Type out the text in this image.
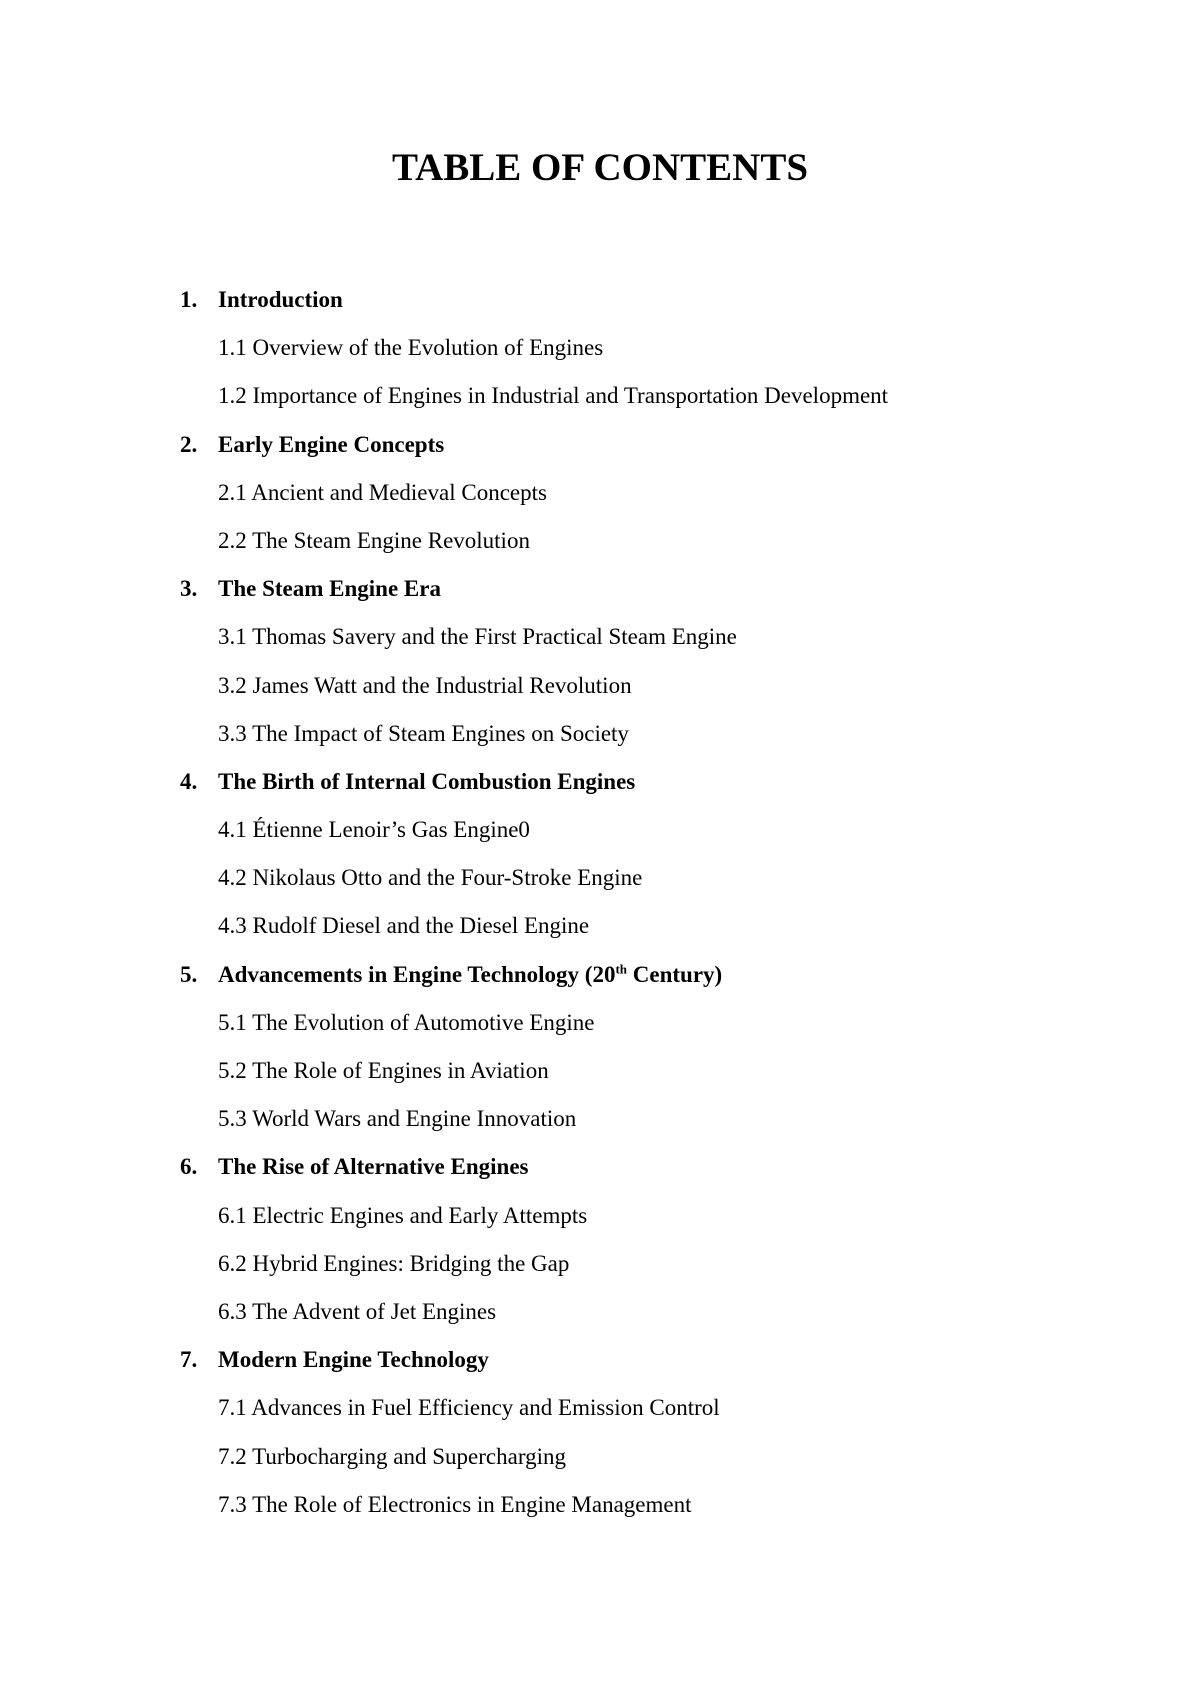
TABLE OF CONTENTS
1. Introduction
1.1 Overview of the Evolution of Engines
1.2 Importance of Engines in Industrial and Transportation Development
2. Early Engine Concepts
2.1 Ancient and Medieval Concepts
2.2 The Steam Engine Revolution
3. The Steam Engine Era
3.1 Thomas Savery and the First Practical Steam Engine
3.2 James Watt and the Industrial Revolution
3.3 The Impact of Steam Engines on Society
4. The Birth of Internal Combustion Engines
4.1 Étienne Lenoir’s Gas Engine0
4.2 Nikolaus Otto and the Four-Stroke Engine
4.3 Rudolf Diesel and the Diesel Engine
5. Advancements in Engine Technology (20th Century)
5.1 The Evolution of Automotive Engine
5.2 The Role of Engines in Aviation
5.3 World Wars and Engine Innovation
6. The Rise of Alternative Engines
6.1 Electric Engines and Early Attempts
6.2 Hybrid Engines: Bridging the Gap
6.3 The Advent of Jet Engines
7. Modern Engine Technology
7.1 Advances in Fuel Efficiency and Emission Control
7.2 Turbocharging and Supercharging
7.3 The Role of Electronics in Engine Management
